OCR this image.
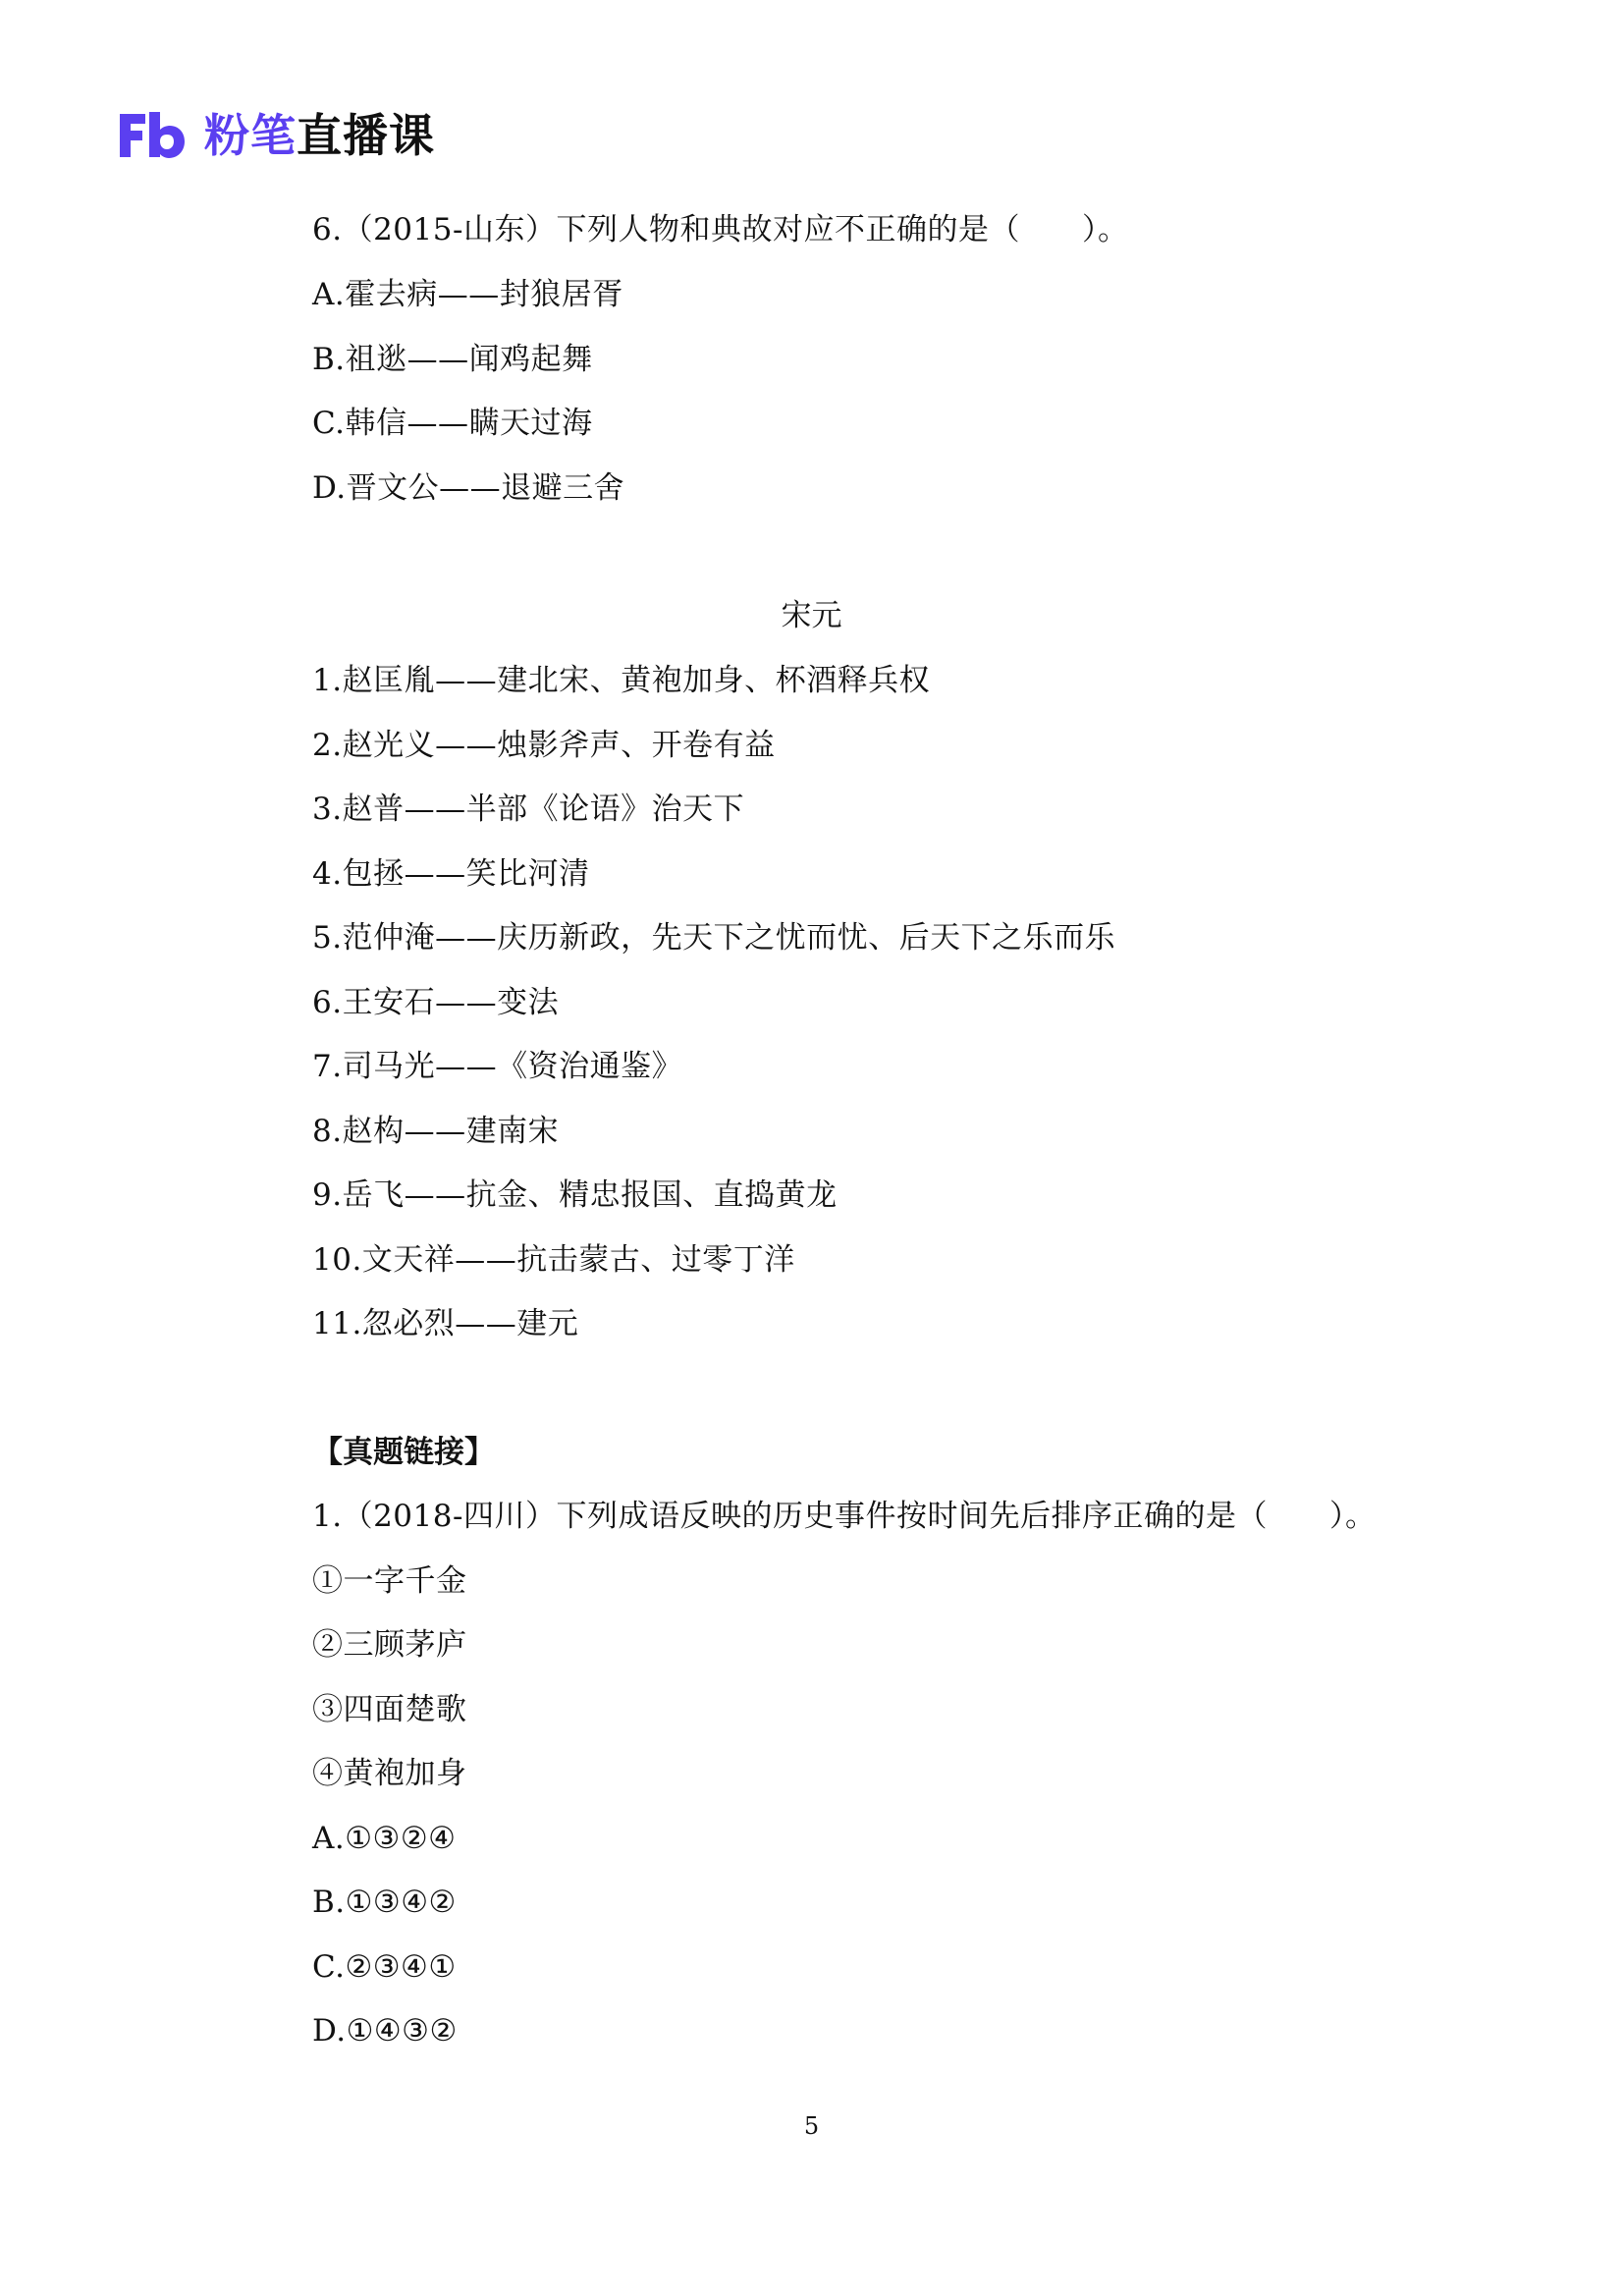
粉笔直播课
6.（2015-山东）下列人物和典故对应不正确的是（　　）。
A.霍去病——封狼居胥
B.祖逖——闻鸡起舞
C.韩信——瞒天过海
D.晋文公——退避三舍
宋元
1.赵匡胤——建北宋、黄袍加身、杯酒释兵权
2.赵光义——烛影斧声、开卷有益
3.赵普——半部《论语》治天下
4.包拯——笑比河清
5.范仲淹——庆历新政，先天下之忧而忧、后天下之乐而乐
6.王安石——变法
7.司马光——《资治通鉴》
8.赵构——建南宋
9.岳飞——抗金、精忠报国、直捣黄龙
10.文天祥——抗击蒙古、过零丁洋
11.忽必烈——建元
【真题链接】
1.（2018-四川）下列成语反映的历史事件按时间先后排序正确的是（　　）。
①一字千金
②三顾茅庐
③四面楚歌
④黄袍加身
A.①③②④
B.①③④②
C.②③④①
D.①④③②
5
